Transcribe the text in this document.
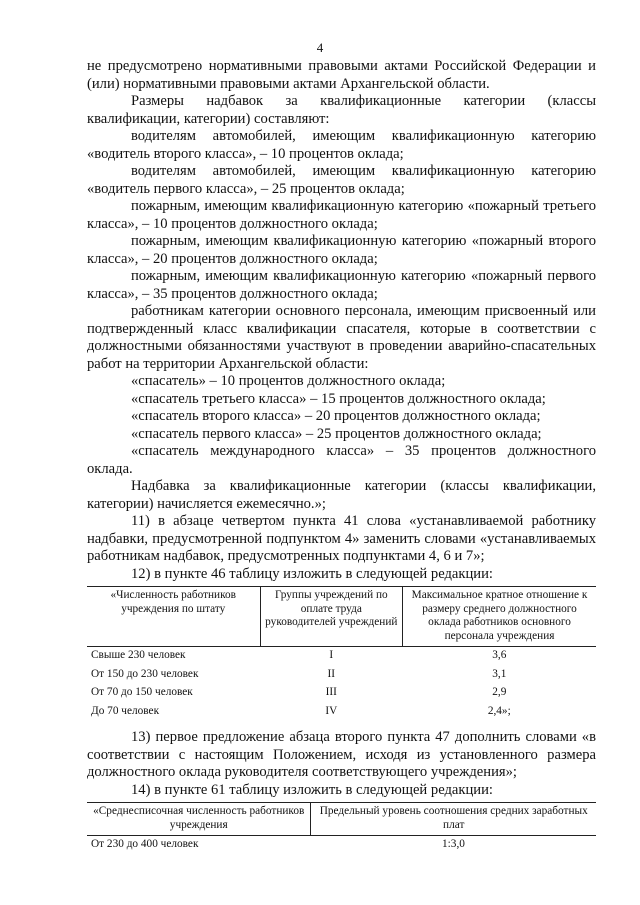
4

не предусмотрено нормативными правовыми актами Российской Федерации и (или) нормативными правовыми актами Архангельской области.

Размеры надбавок за квалификационные категории (классы квалификации, категории) составляют:

водителям автомобилей, имеющим квалификационную категорию «водитель второго класса», – 10 процентов оклада;

водителям автомобилей, имеющим квалификационную категорию «водитель первого класса», – 25 процентов оклада;

пожарным, имеющим квалификационную категорию «пожарный третьего класса», – 10 процентов должностного оклада;

пожарным, имеющим квалификационную категорию «пожарный второго класса», – 20 процентов должностного оклада;

пожарным, имеющим квалификационную категорию «пожарный первого класса», – 35 процентов должностного оклада;

работникам категории основного персонала, имеющим присвоенный или подтвержденный класс квалификации спасателя, которые в соответствии с должностными обязанностями участвуют в проведении аварийно-спасательных работ на территории Архангельской области:

«спасатель» – 10 процентов должностного оклада;

«спасатель третьего класса» – 15 процентов должностного оклада;

«спасатель второго класса» – 20 процентов должностного оклада;

«спасатель первого класса» – 25 процентов должностного оклада;

«спасатель международного класса» – 35 процентов должностного оклада.

Надбавка за квалификационные категории (классы квалификации, категории) начисляется ежемесячно.»;

11) в абзаце четвертом пункта 41 слова «устанавливаемой работнику надбавки, предусмотренной подпунктом 4» заменить словами «устанавливаемых работникам надбавок, предусмотренных подпунктами 4, 6 и 7»;

12) в пункте 46 таблицу изложить в следующей редакции:

«Численность работников учреждения по штату	Группы учреждений по оплате труда руководителей учреждений	Максимальное кратное отношение к размеру среднего должностного оклада работников основного персонала учреждения
Свыше 230 человек	I	3,6
От 150 до 230 человек	II	3,1
От 70 до 150 человек	III	2,9
До 70 человек	IV	2,4»;

13) первое предложение абзаца второго пункта 47 дополнить словами «в соответствии с настоящим Положением, исходя из установленного размера должностного оклада руководителя соответствующего учреждения»;

14) в пункте 61 таблицу изложить в следующей редакции:

«Среднесписочная численность работников учреждения	Предельный уровень соотношения средних заработных плат
От 230 до 400 человек	1:3,0
